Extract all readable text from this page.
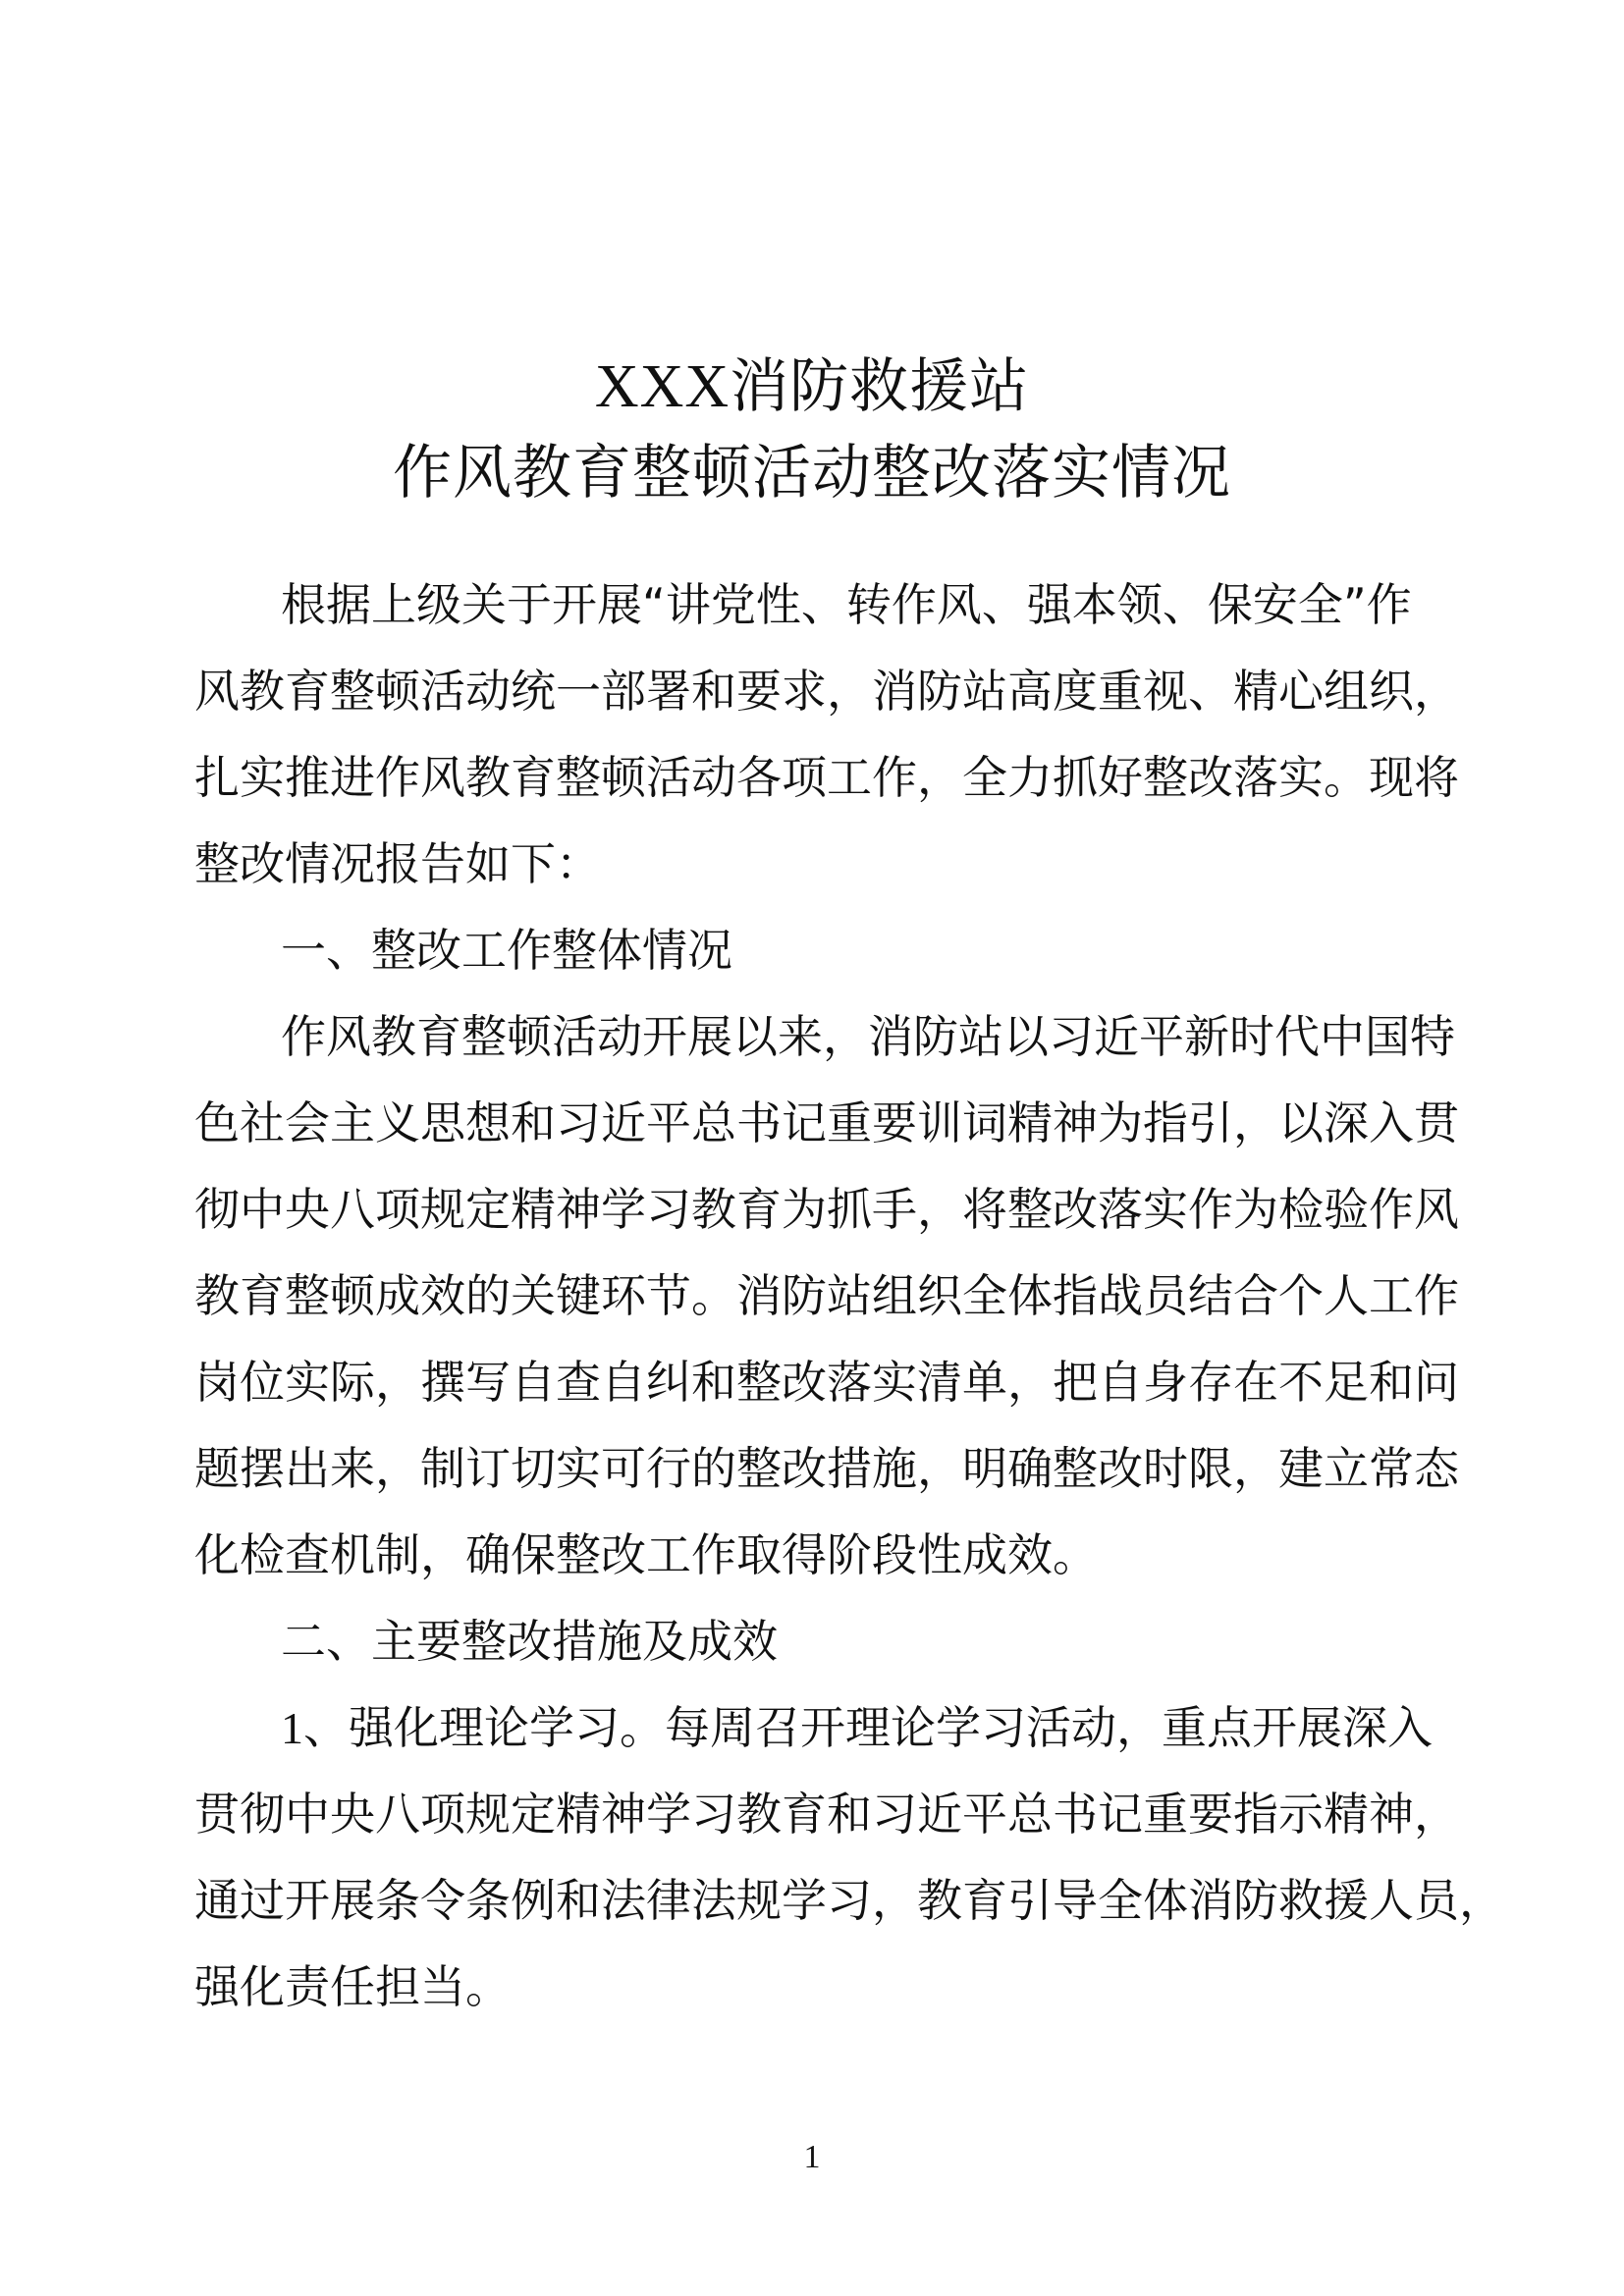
XXX消防救援站
作风教育整顿活动整改落实情况
根据上级关于开展“讲党性、转作风、强本领、保安全”作
风教育整顿活动统一部署和要求，消防站高度重视、精心组织，
扎实推进作风教育整顿活动各项工作，全力抓好整改落实。现将
整改情况报告如下：
一、整改工作整体情况
作风教育整顿活动开展以来，消防站以习近平新时代中国特
色社会主义思想和习近平总书记重要训词精神为指引，以深入贯
彻中央八项规定精神学习教育为抓手，将整改落实作为检验作风
教育整顿成效的关键环节。消防站组织全体指战员结合个人工作
岗位实际，撰写自查自纠和整改落实清单，把自身存在不足和问
题摆出来，制订切实可行的整改措施，明确整改时限，建立常态
化检查机制，确保整改工作取得阶段性成效。
二、主要整改措施及成效
1、强化理论学习。每周召开理论学习活动，重点开展深入
贯彻中央八项规定精神学习教育和习近平总书记重要指示精神，
通过开展条令条例和法律法规学习，教育引导全体消防救援人员，
强化责任担当。
1
